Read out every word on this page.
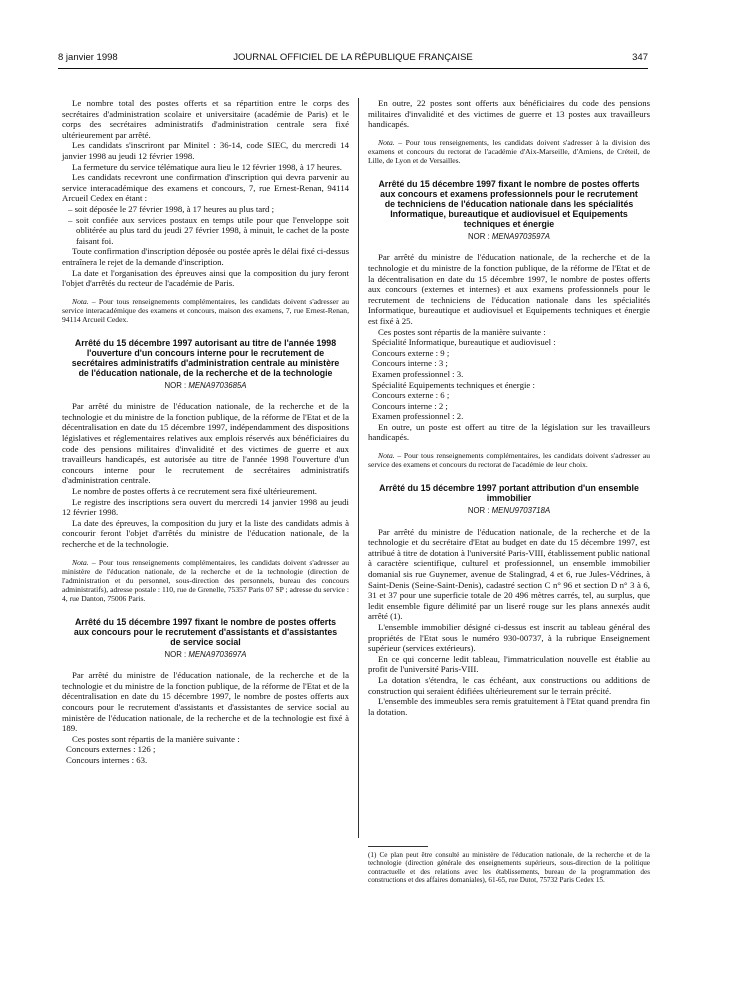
8 janvier 1998	JOURNAL OFFICIEL DE LA RÉPUBLIQUE FRANÇAISE	347

Le nombre total des postes offerts et sa répartition entre le corps des secrétaires d'administration scolaire et universitaire (académie de Paris) et le corps des secrétaires administratifs d'administration centrale sera fixé ultérieurement par arrêté.

Les candidats s'inscriront par Minitel : 36-14, code SIEC, du mercredi 14 janvier 1998 au jeudi 12 février 1998.

La fermeture du service télématique aura lieu le 12 février 1998, à 17 heures.

Les candidats recevront une confirmation d'inscription qui devra parvenir au service interacadémique des examens et concours, 7, rue Ernest-Renan, 94114 Arcueil Cedex en étant :

– soit déposée le 27 février 1998, à 17 heures au plus tard ;

– soit confiée aux services postaux en temps utile pour que l'enveloppe soit oblitérée au plus tard du jeudi 27 février 1998, à minuit, le cachet de la poste faisant foi.

Toute confirmation d'inscription déposée ou postée après le délai fixé ci-dessus entraînera le rejet de la demande d'inscription.

La date et l'organisation des épreuves ainsi que la composition du jury feront l'objet d'arrêtés du recteur de l'académie de Paris.

Nota. – Pour tous renseignements complémentaires, les candidats doivent s'adresser au service interacadémique des examens et concours, maison des examens, 7, rue Ernest-Renan, 94114 Arcueil Cedex.

Arrêté du 15 décembre 1997 autorisant au titre de l'année 1998 l'ouverture d'un concours interne pour le recrutement de secrétaires administratifs d'administration centrale au ministère de l'éducation nationale, de la recherche et de la technologie

NOR : MENA9703685A

Par arrêté du ministre de l'éducation nationale, de la recherche et de la technologie et du ministre de la fonction publique, de la réforme de l'Etat et de la décentralisation en date du 15 décembre 1997, indépendamment des dispositions législatives et réglementaires relatives aux emplois réservés aux bénéficiaires du code des pensions militaires d'invalidité et des victimes de guerre et aux travailleurs handicapés, est autorisée au titre de l'année 1998 l'ouverture d'un concours interne pour le recrutement de secrétaires administratifs d'administration centrale.

Le nombre de postes offerts à ce recrutement sera fixé ultérieurement.

Le registre des inscriptions sera ouvert du mercredi 14 janvier 1998 au jeudi 12 février 1998.

La date des épreuves, la composition du jury et la liste des candidats admis à concourir feront l'objet d'arrêtés du ministre de l'éducation nationale, de la recherche et de la technologie.

Nota. – Pour tous renseignements complémentaires, les candidats doivent s'adresser au ministère de l'éducation nationale, de la recherche et de la technologie (direction de l'administration et du personnel, sous-direction des personnels, bureau des concours administratifs), adresse postale : 110, rue de Grenelle, 75357 Paris 07 SP ; adresse du service : 4, rue Danton, 75006 Paris.

Arrêté du 15 décembre 1997 fixant le nombre de postes offerts aux concours pour le recrutement d'assistants et d'assistantes de service social

NOR : MENA9703697A

Par arrêté du ministre de l'éducation nationale, de la recherche et de la technologie et du ministre de la fonction publique, de la réforme de l'Etat et de la décentralisation en date du 15 décembre 1997, le nombre de postes offerts aux concours pour le recrutement d'assistants et d'assistantes de service social au ministère de l'éducation nationale, de la recherche et de la technologie est fixé à 189.

Ces postes sont répartis de la manière suivante :

Concours externes : 126 ;

Concours internes : 63.

En outre, 22 postes sont offerts aux bénéficiaires du code des pensions militaires d'invalidité et des victimes de guerre et 13 postes aux travailleurs handicapés.

Nota. – Pour tous renseignements, les candidats doivent s'adresser à la division des examens et concours du rectorat de l'académie d'Aix-Marseille, d'Amiens, de Créteil, de Lille, de Lyon et de Versailles.

Arrêté du 15 décembre 1997 fixant le nombre de postes offerts aux concours et examens professionnels pour le recrutement de techniciens de l'éducation nationale dans les spécialités Informatique, bureautique et audiovisuel et Equipements techniques et énergie

NOR : MENA9703597A

Par arrêté du ministre de l'éducation nationale, de la recherche et de la technologie et du ministre de la fonction publique, de la réforme de l'Etat et de la décentralisation en date du 15 décembre 1997, le nombre de postes offerts aux concours (externes et internes) et aux examens professionnels pour le recrutement de techniciens de l'éducation nationale dans les spécialités Informatique, bureautique et audiovisuel et Equipements techniques et énergie est fixé à 25.

Ces postes sont répartis de la manière suivante :

Spécialité Informatique, bureautique et audiovisuel :

Concours externe : 9 ;

Concours interne : 3 ;

Examen professionnel : 3.

Spécialité Equipements techniques et énergie :

Concours externe : 6 ;

Concours interne : 2 ;

Examen professionnel : 2.

En outre, un poste est offert au titre de la législation sur les travailleurs handicapés.

Nota. – Pour tous renseignements complémentaires, les candidats doivent s'adresser au service des examens et concours du rectorat de l'académie de leur choix.

Arrêté du 15 décembre 1997 portant attribution d'un ensemble immobilier

NOR : MENU9703718A

Par arrêté du ministre de l'éducation nationale, de la recherche et de la technologie et du secrétaire d'Etat au budget en date du 15 décembre 1997, est attribué à titre de dotation à l'université Paris-VIII, établissement public national à caractère scientifique, culturel et professionnel, un ensemble immobilier domanial sis rue Guynemer, avenue de Stalingrad, 4 et 6, rue Jules-Védrines, à Saint-Denis (Seine-Saint-Denis), cadastré section C n° 96 et section D n° 3 à 6, 31 et 37 pour une superficie totale de 20 496 mètres carrés, tel, au surplus, que ledit ensemble figure délimité par un liseré rouge sur les plans annexés audit arrêté (1).

L'ensemble immobilier désigné ci-dessus est inscrit au tableau général des propriétés de l'Etat sous le numéro 930-00737, à la rubrique Enseignement supérieur (services extérieurs).

En ce qui concerne ledit tableau, l'immatriculation nouvelle est établie au profit de l'université Paris-VIII.

La dotation s'étendra, le cas échéant, aux constructions ou additions de construction qui seraient édifiées ultérieurement sur le terrain précité.

L'ensemble des immeubles sera remis gratuitement à l'Etat quand prendra fin la dotation.

(1) Ce plan peut être consulté au ministère de l'éducation nationale, de la recherche et de la technologie (direction générale des enseignements supérieurs, sous-direction de la politique contractuelle et des relations avec les établissements, bureau de la programmation des constructions et des affaires domaniales), 61-65, rue Dutot, 75732 Paris Cedex 15.
